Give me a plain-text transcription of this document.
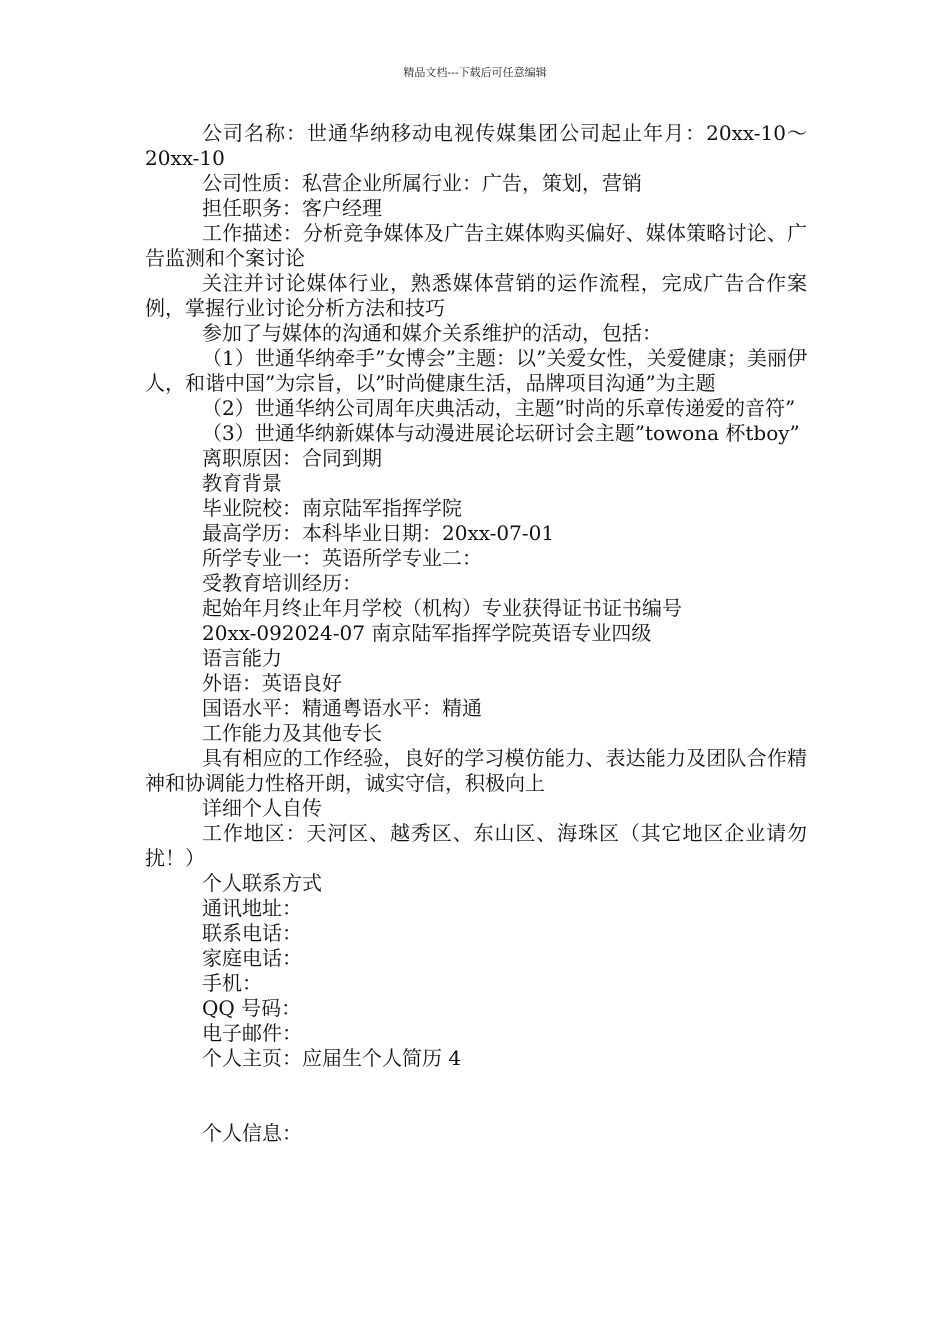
精品文档---下载后可任意编辑

公司名称：世通华纳移动电视传媒集团公司起止年月：20xx-10～20xx-10

公司性质：私营企业所属行业：广告，策划，营销

担任职务：客户经理

工作描述：分析竞争媒体及广告主媒体购买偏好、媒体策略讨论、广告监测和个案讨论

关注并讨论媒体行业，熟悉媒体营销的运作流程，完成广告合作案例，掌握行业讨论分析方法和技巧

参加了与媒体的沟通和媒介关系维护的活动，包括：

（1）世通华纳牵手”女博会”主题：以”关爱女性，关爱健康；美丽伊人，和谐中国”为宗旨，以”时尚健康生活，品牌项目沟通”为主题

（2）世通华纳公司周年庆典活动，主题”时尚的乐章传递爱的音符”

（3）世通华纳新媒体与动漫进展论坛研讨会主题”towona 杯tboy”

离职原因：合同到期

教育背景

毕业院校：南京陆军指挥学院

最高学历：本科毕业日期：20xx-07-01

所学专业一：英语所学专业二：

受教育培训经历：

起始年月终止年月学校（机构）专业获得证书证书编号

20xx-092024-07 南京陆军指挥学院英语专业四级

语言能力

外语：英语良好

国语水平：精通粤语水平：精通

工作能力及其他专长

具有相应的工作经验，良好的学习模仿能力、表达能力及团队合作精神和协调能力性格开朗，诚实守信，积极向上

详细个人自传

工作地区：天河区、越秀区、东山区、海珠区（其它地区企业请勿扰！）

个人联系方式

通讯地址：

联系电话：

家庭电话：

手机：

QQ 号码：

电子邮件：

个人主页：应届生个人简历 4

个人信息：
